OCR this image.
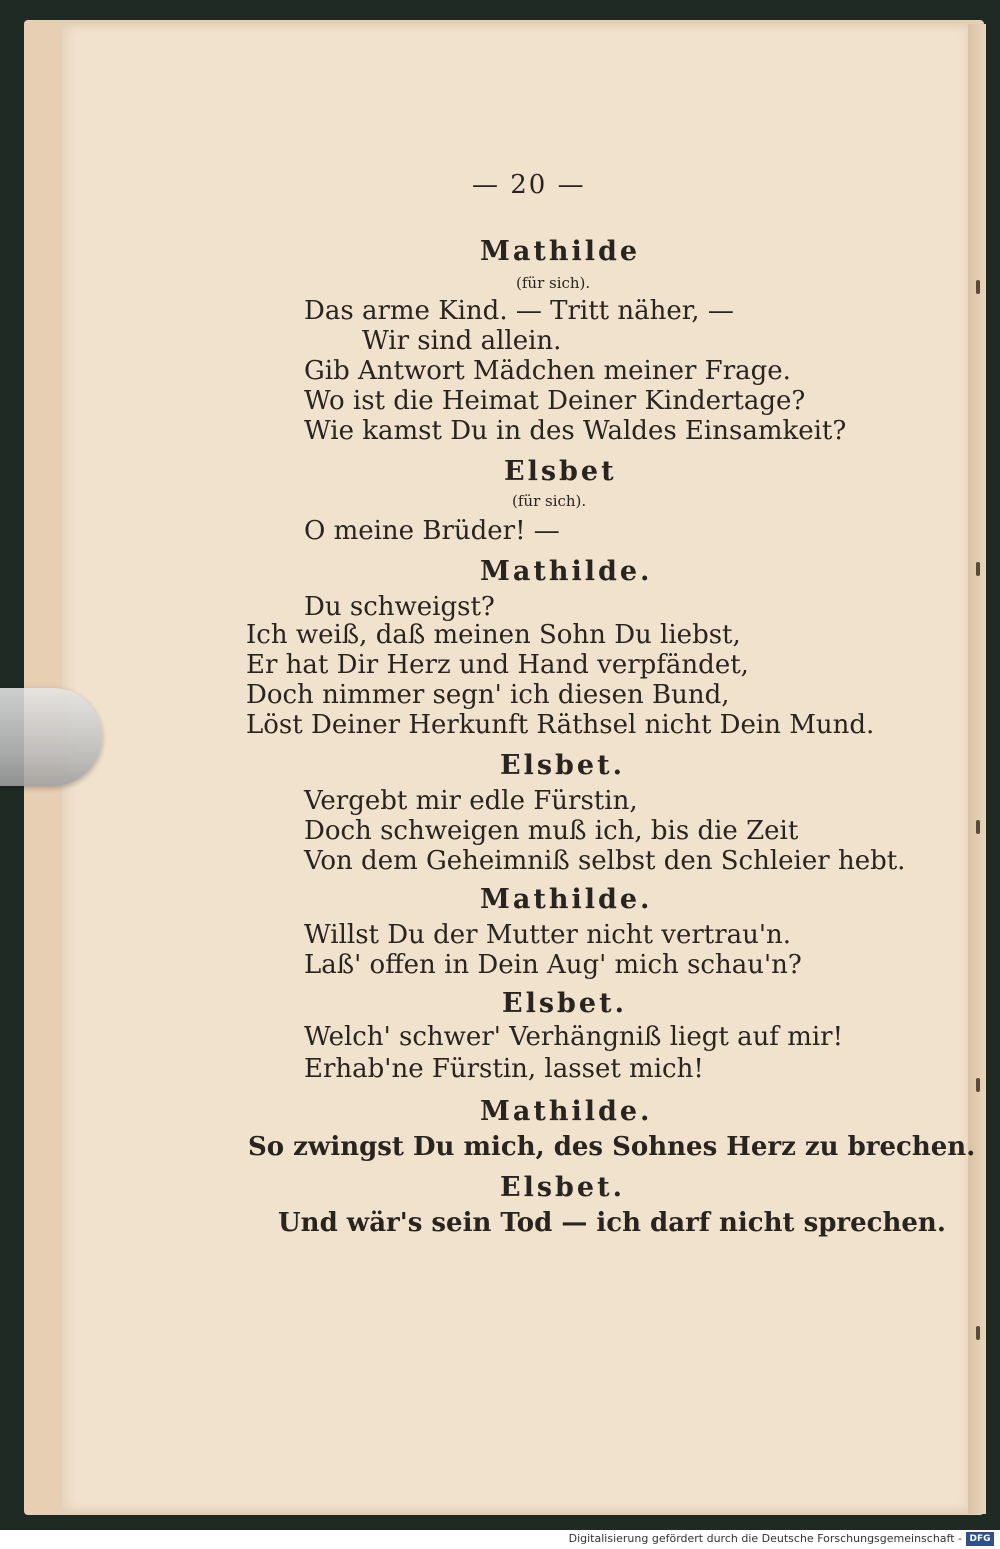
— 20 —
Mathilde
(für sich).
Das arme Kind. — Tritt näher, —
Wir sind allein.
Gib Antwort Mädchen meiner Frage.
Wo ist die Heimat Deiner Kindertage?
Wie kamst Du in des Waldes Einsamkeit?
Elsbet
(für sich).
O meine Brüder! —
Mathilde.
Du schweigst?
Ich weiß, daß meinen Sohn Du liebst,
Er hat Dir Herz und Hand verpfändet,
Doch nimmer segn' ich diesen Bund,
Löst Deiner Herkunft Räthsel nicht Dein Mund.
Elsbet.
Vergebt mir edle Fürstin,
Doch schweigen muß ich, bis die Zeit
Von dem Geheimniß selbst den Schleier hebt.
Mathilde.
Willst Du der Mutter nicht vertrau'n.
Laß' offen in Dein Aug' mich schau'n?
Elsbet.
Welch' schwer' Verhängniß liegt auf mir!
Erhab'ne Fürstin, lasset mich!
Mathilde.
So zwingst Du mich, des Sohnes Herz zu brechen.
Elsbet.
Und wär's sein Tod — ich darf nicht sprechen.
Digitalisierung gefördert durch die Deutsche Forschungsgemeinschaft - DFG
